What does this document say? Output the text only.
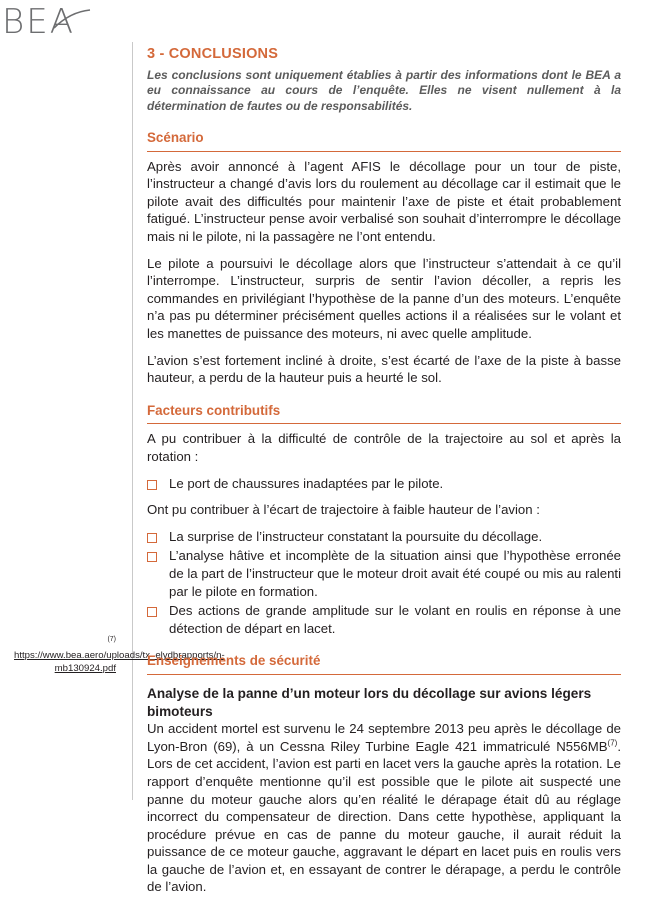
BEA
$^{(7)}$ https://www.bea.aero/uploads/tx_elydbrapports/n-mb130924.pdf
3 - CONCLUSIONS

Les conclusions sont uniquement établies à partir des informations dont le BEA a eu connaissance au cours de l’enquête. Elles ne visent nullement à la détermination de fautes ou de responsabilités.

Scénario

Après avoir annoncé à l’agent AFIS le décollage pour un tour de piste, l’instructeur a changé d’avis lors du roulement au décollage car il estimait que le pilote avait des difficultés pour maintenir l’axe de piste et était probablement fatigué. L’instructeur pense avoir verbalisé son souhait d’interrompre le décollage mais ni le pilote, ni la passagère ne l’ont entendu.

Le pilote a poursuivi le décollage alors que l’instructeur s’attendait à ce qu’il l’interrompe. L’instructeur, surpris de sentir l’avion décoller, a repris les commandes en privilégiant l’hypothèse de la panne d’un des moteurs. L’enquête n’a pas pu déterminer précisément quelles actions il a réalisées sur le volant et les manettes de puissance des moteurs, ni avec quelle amplitude.

L’avion s’est fortement incliné à droite, s’est écarté de l’axe de la piste à basse hauteur, a perdu de la hauteur puis a heurté le sol.

Facteurs contributifs

A pu contribuer à la difficulté de contrôle de la trajectoire au sol et après la rotation :

Le port de chaussures inadaptées par le pilote.

Ont pu contribuer à l’écart de trajectoire à faible hauteur de l’avion :

La surprise de l’instructeur constatant la poursuite du décollage.
L’analyse hâtive et incomplète de la situation ainsi que l’hypothèse erronée de la part de l’instructeur que le moteur droit avait été coupé ou mis au ralenti par le pilote en formation.
Des actions de grande amplitude sur le volant en roulis en réponse à une détection de départ en lacet.
Enseignements de sécurité
Analyse de la panne d’un moteur lors du décollage sur avions légers bimoteurs

Un accident mortel est survenu le 24 septembre 2013 peu après le décollage de Lyon-Bron (69), à un Cessna Riley Turbine Eagle 421 immatriculé N556MB$^{(7)}$. Lors de cet accident, l’avion est parti en lacet vers la gauche après la rotation. Le rapport d’enquête mentionne qu’il est possible que le pilote ait suspecté une panne du moteur gauche alors qu’en réalité le dérapage était dû au réglage incorrect du compensateur de direction. Dans cette hypothèse, appliquant la procédure prévue en cas de panne du moteur gauche, il aurait réduit la puissance de ce moteur gauche, aggravant le départ en lacet puis en roulis vers la gauche de l’avion et, en essayant de contrer le dérapage, a perdu le contrôle de l’avion.
